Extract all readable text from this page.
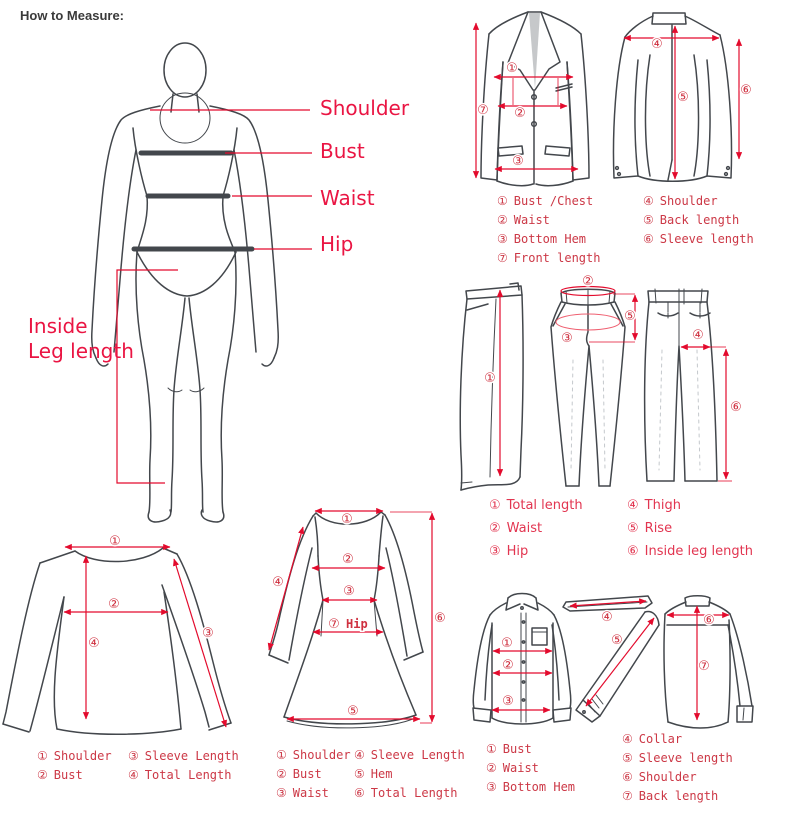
How to Measure:
①
②
③
⑦
④
⑤	⑥
①
②
③
⑤
④
⑥
①
②
③
④
①
②
③
⑦ Hip
④
⑤
⑥
①
②
③
④
⑤
⑥
⑦
Shoulder
Bust
Waist
Hip
Inside
Leg length
① Bust /Chest
② Waist
③ Bottom Hem
⑦ Front length
④ Shoulder
⑤ Back length
⑥ Sleeve length
① Total length
② Waist
③ Hip
④ Thigh
⑤ Rise
⑥ Inside leg length
① Shoulder
② Bust
③ Sleeve Length
④ Total Length
① Shoulder
② Bust
③ Waist
④ Sleeve Length
⑤ Hem
⑥ Total Length
① Bust
② Waist
③ Bottom Hem
④ Collar
⑤ Sleeve length
⑥ Shoulder
⑦ Back length
